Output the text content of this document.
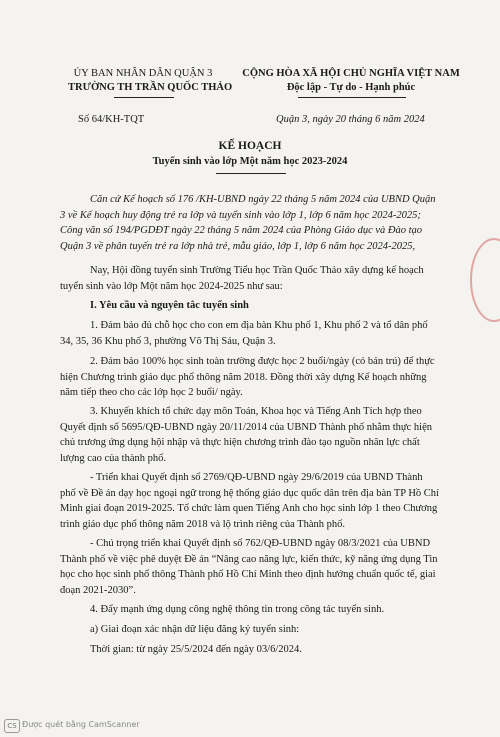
ỦY BAN NHÂN DÂN QUẬN 3
TRƯỜNG TH TRẦN QUỐC THẢO
CỘNG HÒA XÃ HỘI CHỦ NGHĨA VIỆT NAM
Độc lập - Tự do - Hạnh phúc
Số 64/KH-TQT	Quận 3, ngày 20 tháng 6 năm 2024
KẾ HOẠCH
Tuyển sinh vào lớp Một năm học 2023-2024
Căn cứ Kế hoạch số 176 /KH-UBND ngày 22 tháng 5 năm 2024 của UBND Quận
3 về Kế hoạch huy động trẻ ra lớp và tuyển sinh vào lớp 1, lớp 6 năm học 2024-2025;
Công văn số 194/PGDĐT ngày 22 tháng 5 năm 2024 của Phòng Giáo dục và Đào tạo
Quận 3 về phân tuyến trẻ ra lớp nhà trẻ, mẫu giáo, lớp 1, lớp 6 năm học 2024-2025,
Nay, Hội đồng tuyển sinh Trường Tiểu học Trần Quốc Thảo xây dựng kế hoạch
tuyển sinh vào lớp Một năm học 2024-2025 như sau:
I. Yêu cầu và nguyên tắc tuyển sinh
1. Đảm bảo đủ chỗ học cho con em địa bàn Khu phố 1, Khu phố 2 và tổ dân phố
34, 35, 36 Khu phố 3, phường Võ Thị Sáu, Quận 3.
2. Đảm bảo 100% học sinh toàn trường được học 2 buổi/ngày (có bán trú) để thực
hiện Chương trình giáo dục phổ thông năm 2018. Đồng thời xây dựng Kế hoạch những
năm tiếp theo cho các lớp học 2 buổi/ ngày.
3. Khuyến khích tổ chức dạy môn Toán, Khoa học và Tiếng Anh Tích hợp theo
Quyết định số 5695/QĐ-UBND ngày 20/11/2014 của UBND Thành phố nhằm thực hiện
chủ trương ứng dụng hội nhập và thực hiện chương trình đào tạo nguồn nhân lực chất
lượng cao của thành phố.
- Triển khai Quyết định số 2769/QĐ-UBND ngày 29/6/2019 của UBND Thành
phố về Đề án dạy học ngoại ngữ trong hệ thống giáo dục quốc dân trên địa bàn TP Hồ Chí
Minh giai đoạn 2019-2025. Tổ chức làm quen Tiếng Anh cho học sinh lớp 1 theo Chương
trình giáo dục phổ thông năm 2018 và lộ trình riêng của Thành phố.
- Chú trọng triển khai Quyết định số 762/QĐ-UBND ngày 08/3/2021 của UBND
Thành phố về việc phê duyệt Đề án “Nâng cao năng lực, kiến thức, kỹ năng ứng dụng Tin
học cho học sinh phổ thông Thành phố Hồ Chí Minh theo định hướng chuẩn quốc tế, giai
đoạn 2021-2030”.
4. Đẩy mạnh ứng dụng công nghệ thông tin trong công tác tuyển sinh.
a) Giai đoạn xác nhận dữ liệu đăng ký tuyển sinh:
Thời gian: từ ngày 25/5/2024 đến ngày 03/6/2024.
CS Được quét bằng CamScanner
